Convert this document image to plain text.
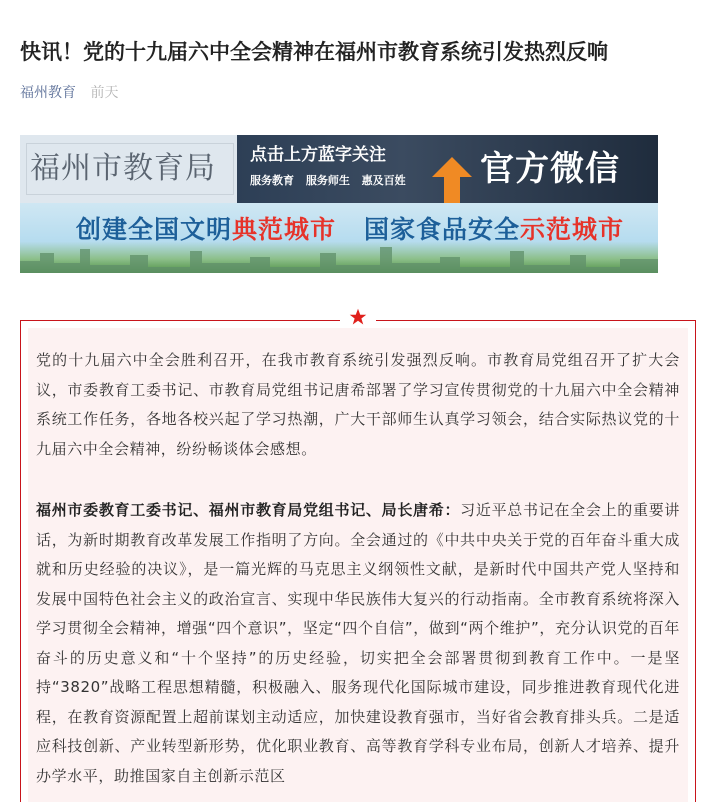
快讯！党的十九届六中全会精神在福州市教育系统引发热烈反响
福州教育 前天
福州市教育局	点击上方蓝字关注
服务教育 服务师生 惠及百姓 官方微信
创建全国文明典范城市 国家食品安全示范城市

党的十九届六中全会胜利召开，在我市教育系统引发强烈反响。市教育局党组召开了扩大会议，市委教育工委书记、市教育局党组书记唐希部署了学习宣传贯彻党的十九届六中全会精神系统工作任务，各地各校兴起了学习热潮，广大干部师生认真学习领会，结合实际热议党的十九届六中全会精神，纷纷畅谈体会感想。

福州市委教育工委书记、福州市教育局党组书记、局长唐希：习近平总书记在全会上的重要讲话，为新时期教育改革发展工作指明了方向。全会通过的《中共中央关于党的百年奋斗重大成就和历史经验的决议》，是一篇光辉的马克思主义纲领性文献，是新时代中国共产党人坚持和发展中国特色社会主义的政治宣言、实现中华民族伟大复兴的行动指南。全市教育系统将深入学习贯彻全会精神，增强“四个意识”，坚定“四个自信”，做到“两个维护”，充分认识党的百年奋斗的历史意义和“十个坚持”的历史经验，切实把全会部署贯彻到教育工作中。一是坚持“3820”战略工程思想精髓，积极融入、服务现代化国际城市建设，同步推进教育现代化进程，在教育资源配置上超前谋划主动适应，加快建设教育强市，当好省会教育排头兵。二是适应科技创新、产业转型新形势，优化职业教育、高等教育学科专业布局，创新人才培养、提升办学水平，助推国家自主创新示范区
